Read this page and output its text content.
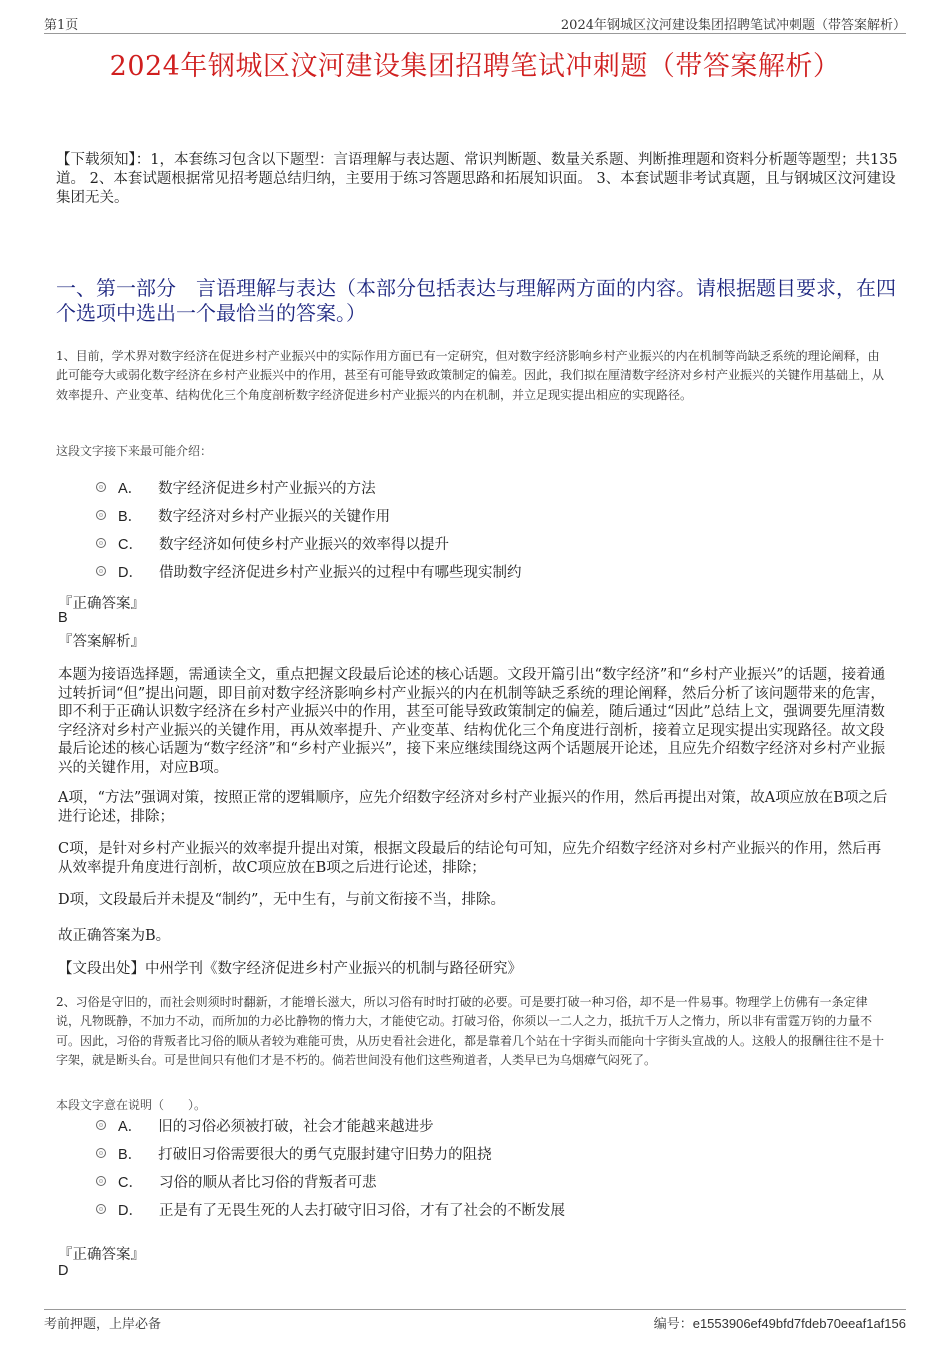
第1页	2024年钢城区汶河建设集团招聘笔试冲刺题（带答案解析）
2024年钢城区汶河建设集团招聘笔试冲刺题（带答案解析）
【下载须知】：1，本套练习包含以下题型：言语理解与表达题、常识判断题、数量关系题、判断推理题和资料分析题等题型；共135道。 2、本套试题根据常见招考题总结归纳，主要用于练习答题思路和拓展知识面。 3、本套试题非考试真题，且与钢城区汶河建设集团无关。
一、第一部分　言语理解与表达（本部分包括表达与理解两方面的内容。请根据题目要求，在四个选项中选出一个最恰当的答案。）
1、目前，学术界对数字经济在促进乡村产业振兴中的实际作用方面已有一定研究，但对数字经济影响乡村产业振兴的内在机制等尚缺乏系统的理论阐释，由此可能夸大或弱化数字经济在乡村产业振兴中的作用，甚至有可能导致政策制定的偏差。因此，我们拟在厘清数字经济对乡村产业振兴的关键作用基础上，从效率提升、产业变革、结构优化三个角度剖析数字经济促进乡村产业振兴的内在机制，并立足现实提出相应的实现路径。
这段文字接下来最可能介绍：
A． 数字经济促进乡村产业振兴的方法
B． 数字经济对乡村产业振兴的关键作用
C． 数字经济如何使乡村产业振兴的效率得以提升
D． 借助数字经济促进乡村产业振兴的过程中有哪些现实制约
『正确答案』
B
『答案解析』
本题为接语选择题，需通读全文，重点把握文段最后论述的核心话题。文段开篇引出“数字经济”和“乡村产业振兴”的话题，接着通过转折词“但”提出问题，即目前对数字经济影响乡村产业振兴的内在机制等缺乏系统的理论阐释，然后分析了该问题带来的危害，即不利于正确认识数字经济在乡村产业振兴中的作用，甚至可能导致政策制定的偏差，随后通过“因此”总结上文，强调要先厘清数字经济对乡村产业振兴的关键作用，再从效率提升、产业变革、结构优化三个角度进行剖析，接着立足现实提出实现路径。故文段最后论述的核心话题为“数字经济”和“乡村产业振兴”，接下来应继续围绕这两个话题展开论述，且应先介绍数字经济对乡村产业振兴的关键作用，对应B项。
A项，“方法”强调对策，按照正常的逻辑顺序，应先介绍数字经济对乡村产业振兴的作用，然后再提出对策，故A项应放在B项之后进行论述，排除；
C项，是针对乡村产业振兴的效率提升提出对策，根据文段最后的结论句可知，应先介绍数字经济对乡村产业振兴的作用，然后再从效率提升角度进行剖析，故C项应放在B项之后进行论述，排除；
D项，文段最后并未提及“制约”，无中生有，与前文衔接不当，排除。
故正确答案为B。
【文段出处】中州学刊《数字经济促进乡村产业振兴的机制与路径研究》
2、习俗是守旧的，而社会则须时时翻新，才能增长滋大，所以习俗有时时打破的必要。可是要打破一种习俗，却不是一件易事。物理学上仿佛有一条定律说，凡物既静，不加力不动，而所加的力必比静物的惰力大，才能使它动。打破习俗，你须以一二人之力，抵抗千万人之惰力，所以非有雷霆万钧的力量不可。因此，习俗的背叛者比习俗的顺从者较为难能可贵，从历史看社会进化，都是靠着几个站在十字街头而能向十字街头宣战的人。这般人的报酬往往不是十字架，就是断头台。可是世间只有他们才是不朽的。倘若世间没有他们这些殉道者，人类早已为乌烟瘴气闷死了。
本段文字意在说明（　　）。
A． 旧的习俗必须被打破，社会才能越来越进步
B． 打破旧习俗需要很大的勇气克服封建守旧势力的阻挠
C． 习俗的顺从者比习俗的背叛者可悲
D． 正是有了无畏生死的人去打破守旧习俗，才有了社会的不断发展
『正确答案』
D
考前押题，上岸必备	编号：e1553906ef49bfd7fdeb70eeaf1af156
